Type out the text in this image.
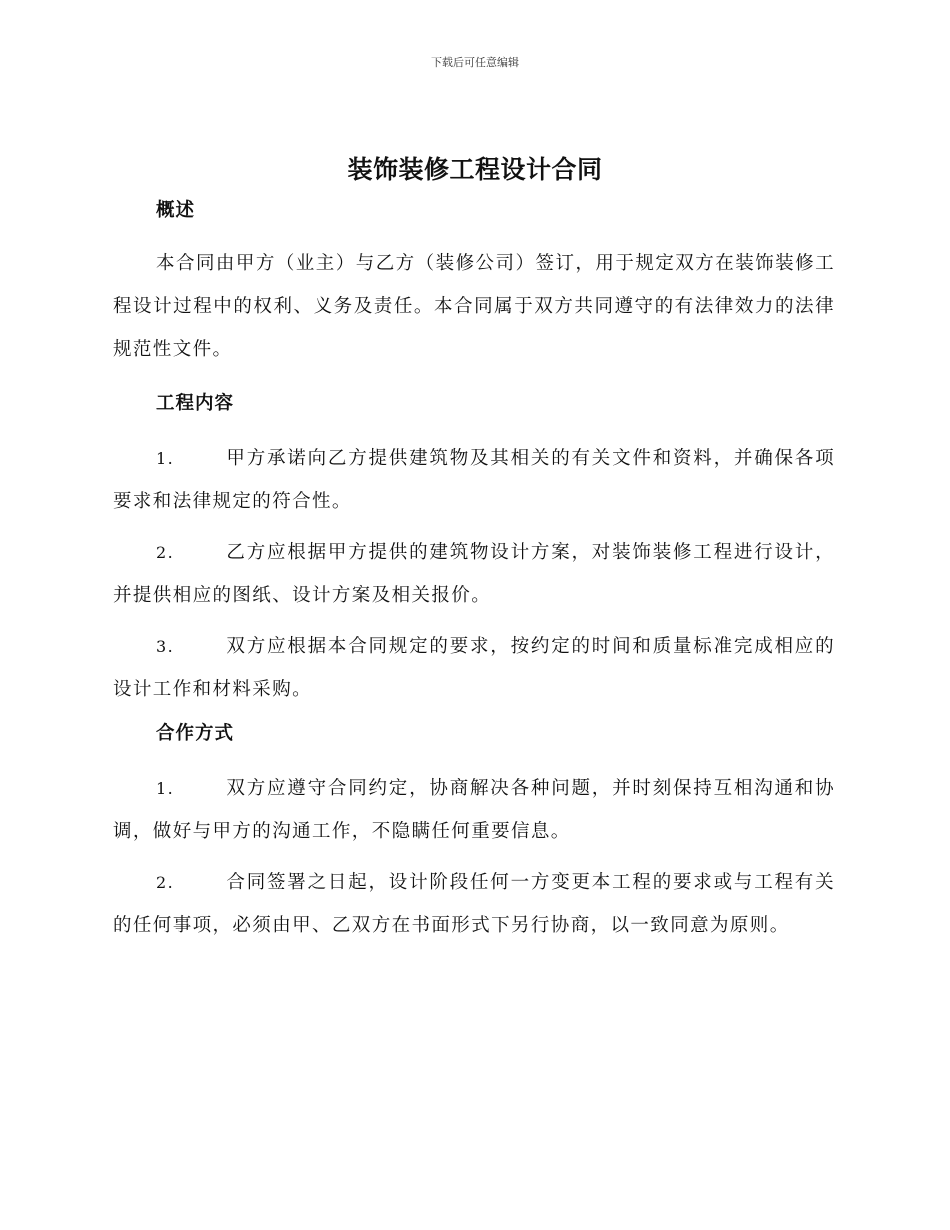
下载后可任意编辑
装饰装修工程设计合同
概述

本合同由甲方（业主）与乙方（装修公司）签订，用于规定双方在装饰装修工程设计过程中的权利、义务及责任。本合同属于双方共同遵守的有法律效力的法律规范性文件。

工程内容

1.	甲方承诺向乙方提供建筑物及其相关的有关文件和资料，并确保各项要求和法律规定的符合性。

2.	乙方应根据甲方提供的建筑物设计方案，对装饰装修工程进行设计，并提供相应的图纸、设计方案及相关报价。

3.	双方应根据本合同规定的要求，按约定的时间和质量标准完成相应的设计工作和材料采购。

合作方式

1.	双方应遵守合同约定，协商解决各种问题，并时刻保持互相沟通和协调，做好与甲方的沟通工作，不隐瞒任何重要信息。

2.	合同签署之日起，设计阶段任何一方变更本工程的要求或与工程有关的任何事项，必须由甲、乙双方在书面形式下另行协商，以一致同意为原则。
